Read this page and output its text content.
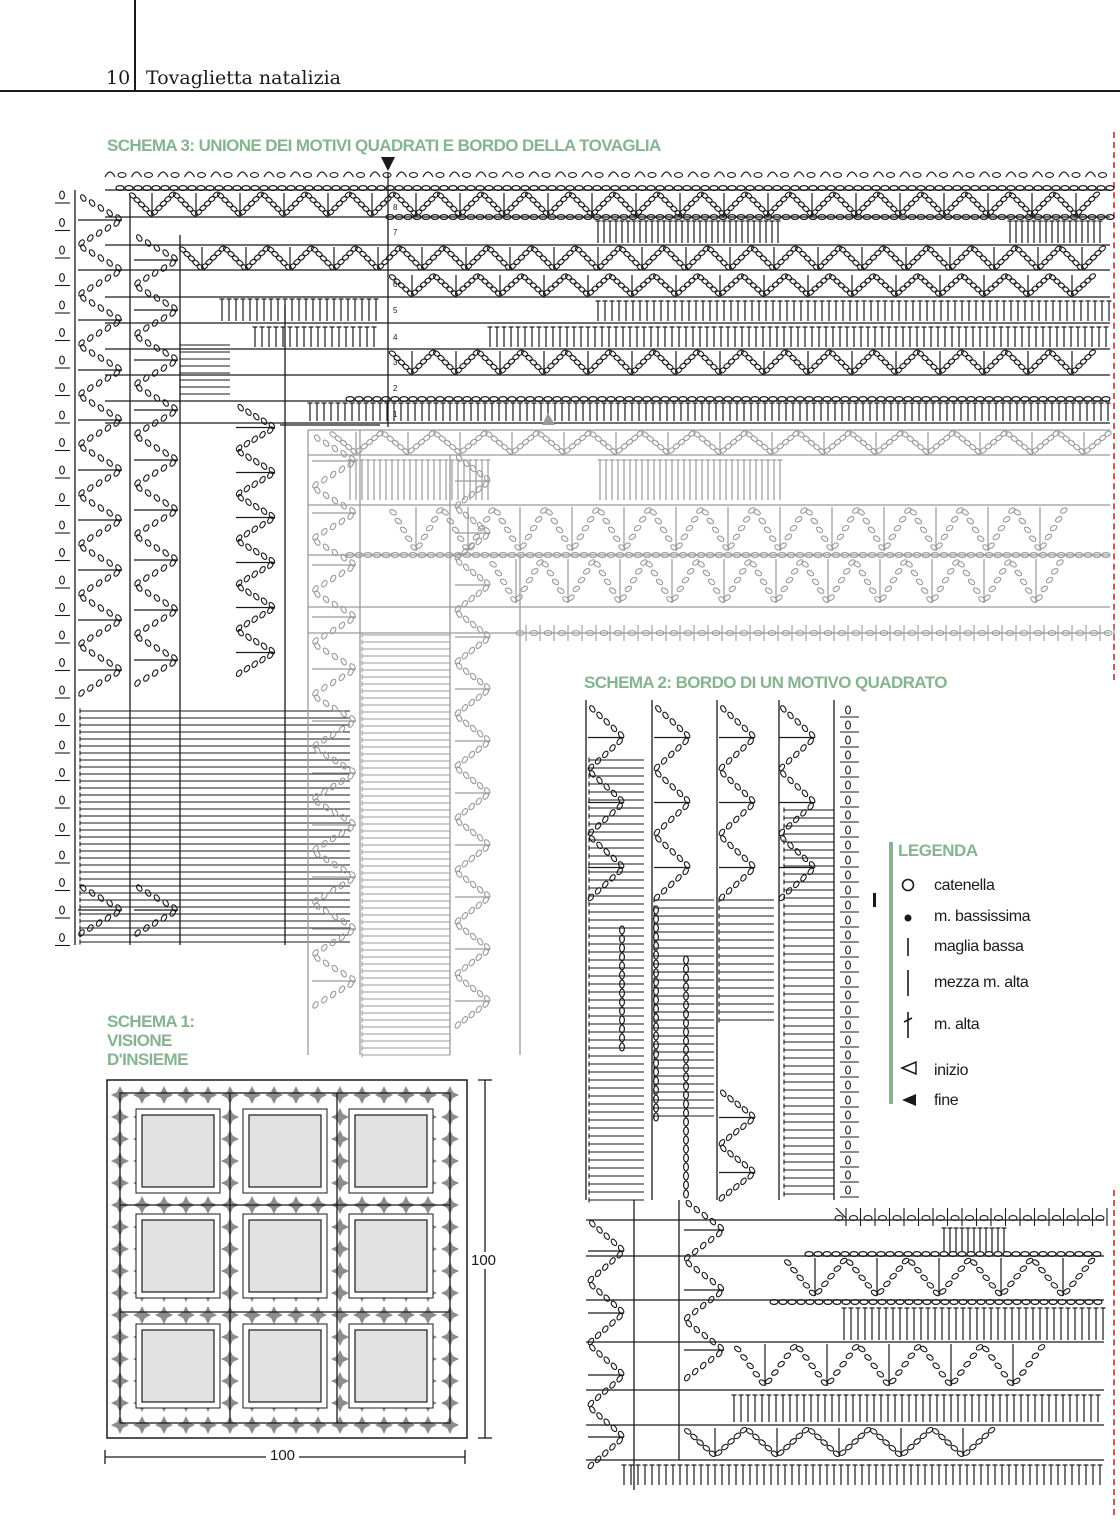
10 Tovaglietta natalizia
SCHEMA 3: UNIONE DEI MOTIVI QUADRATI E BORDO DELLA TOVAGLIA
SCHEMA 2: BORDO DI UN MOTIVO QUADRATO
SCHEMA 1:
VISIONE
D'INSIEME
8
7
6
5
4
3
2
1
100
100
LEGENDA
catenella
m. bassissima
maglia bassa
mezza m. alta
m. alta
inizio
fine
